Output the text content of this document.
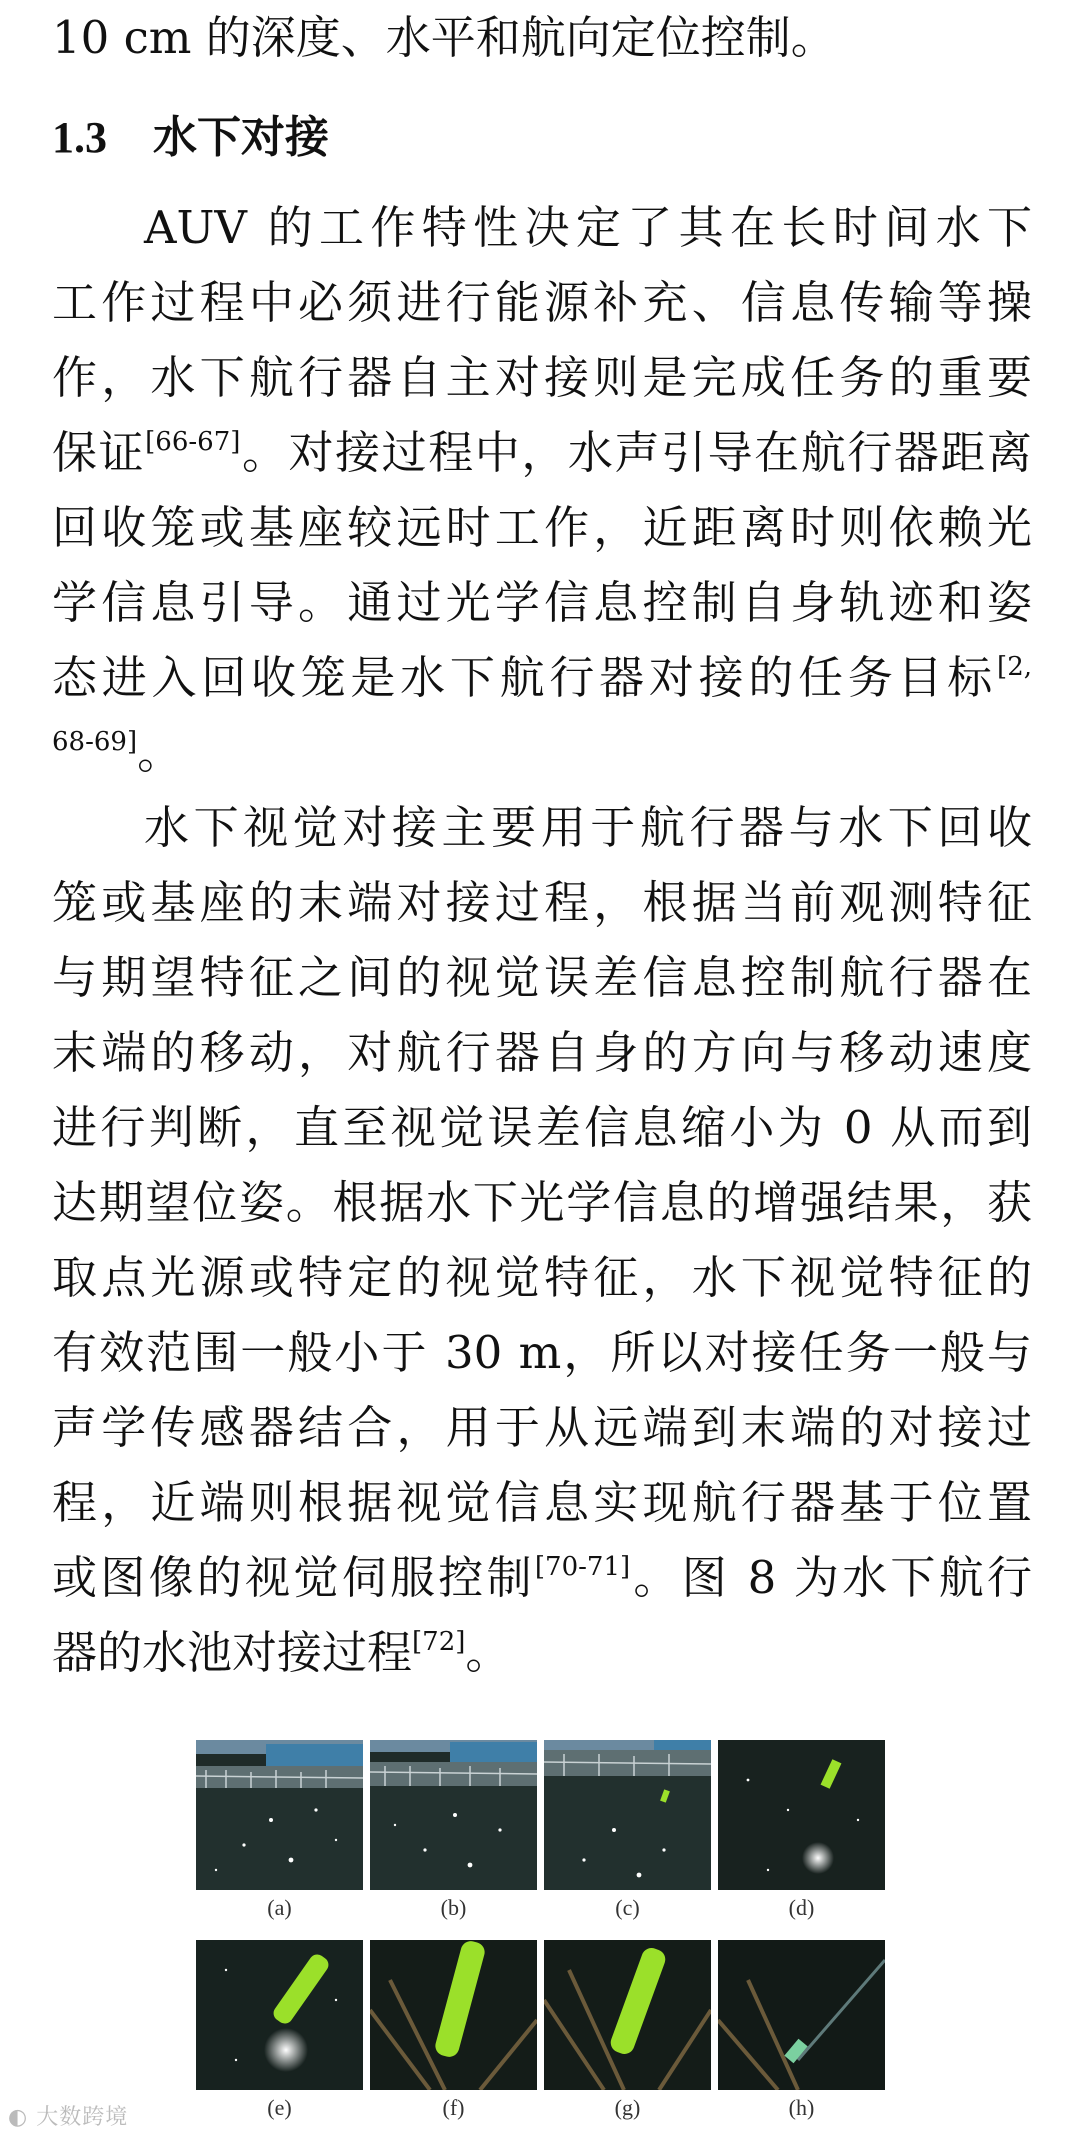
10 cm 的深度、水平和航向定位控制。
1.3 水下对接
AUV 的工作特性决定了其在长时间水下
工作过程中必须进行能源补充、信息传输等操
作，水下航行器自主对接则是完成任务的重要
保证[66-67]。对接过程中，水声引导在航行器距离
回收笼或基座较远时工作，近距离时则依赖光
学信息引导。通过光学信息控制自身轨迹和姿
态进入回收笼是水下航行器对接的任务目标$^{[2,}$
$^{68-69]}$。
水下视觉对接主要用于航行器与水下回收
笼或基座的末端对接过程，根据当前观测特征
与期望特征之间的视觉误差信息控制航行器在
末端的移动，对航行器自身的方向与移动速度
进行判断，直至视觉误差信息缩小为 0 从而到
达期望位姿。根据水下光学信息的增强结果，获
取点光源或特定的视觉特征，水下视觉特征的
有效范围一般小于 30 m，所以对接任务一般与
声学传感器结合，用于从远端到末端的对接过
程，近端则根据视觉信息实现航行器基于位置
或图像的视觉伺服控制[70-71]。图 8 为水下航行
器的水池对接过程[72]。
(a)	(b)	(c)	(d)
(e)	(f)	(g)	(h)
◐ 大数跨境
